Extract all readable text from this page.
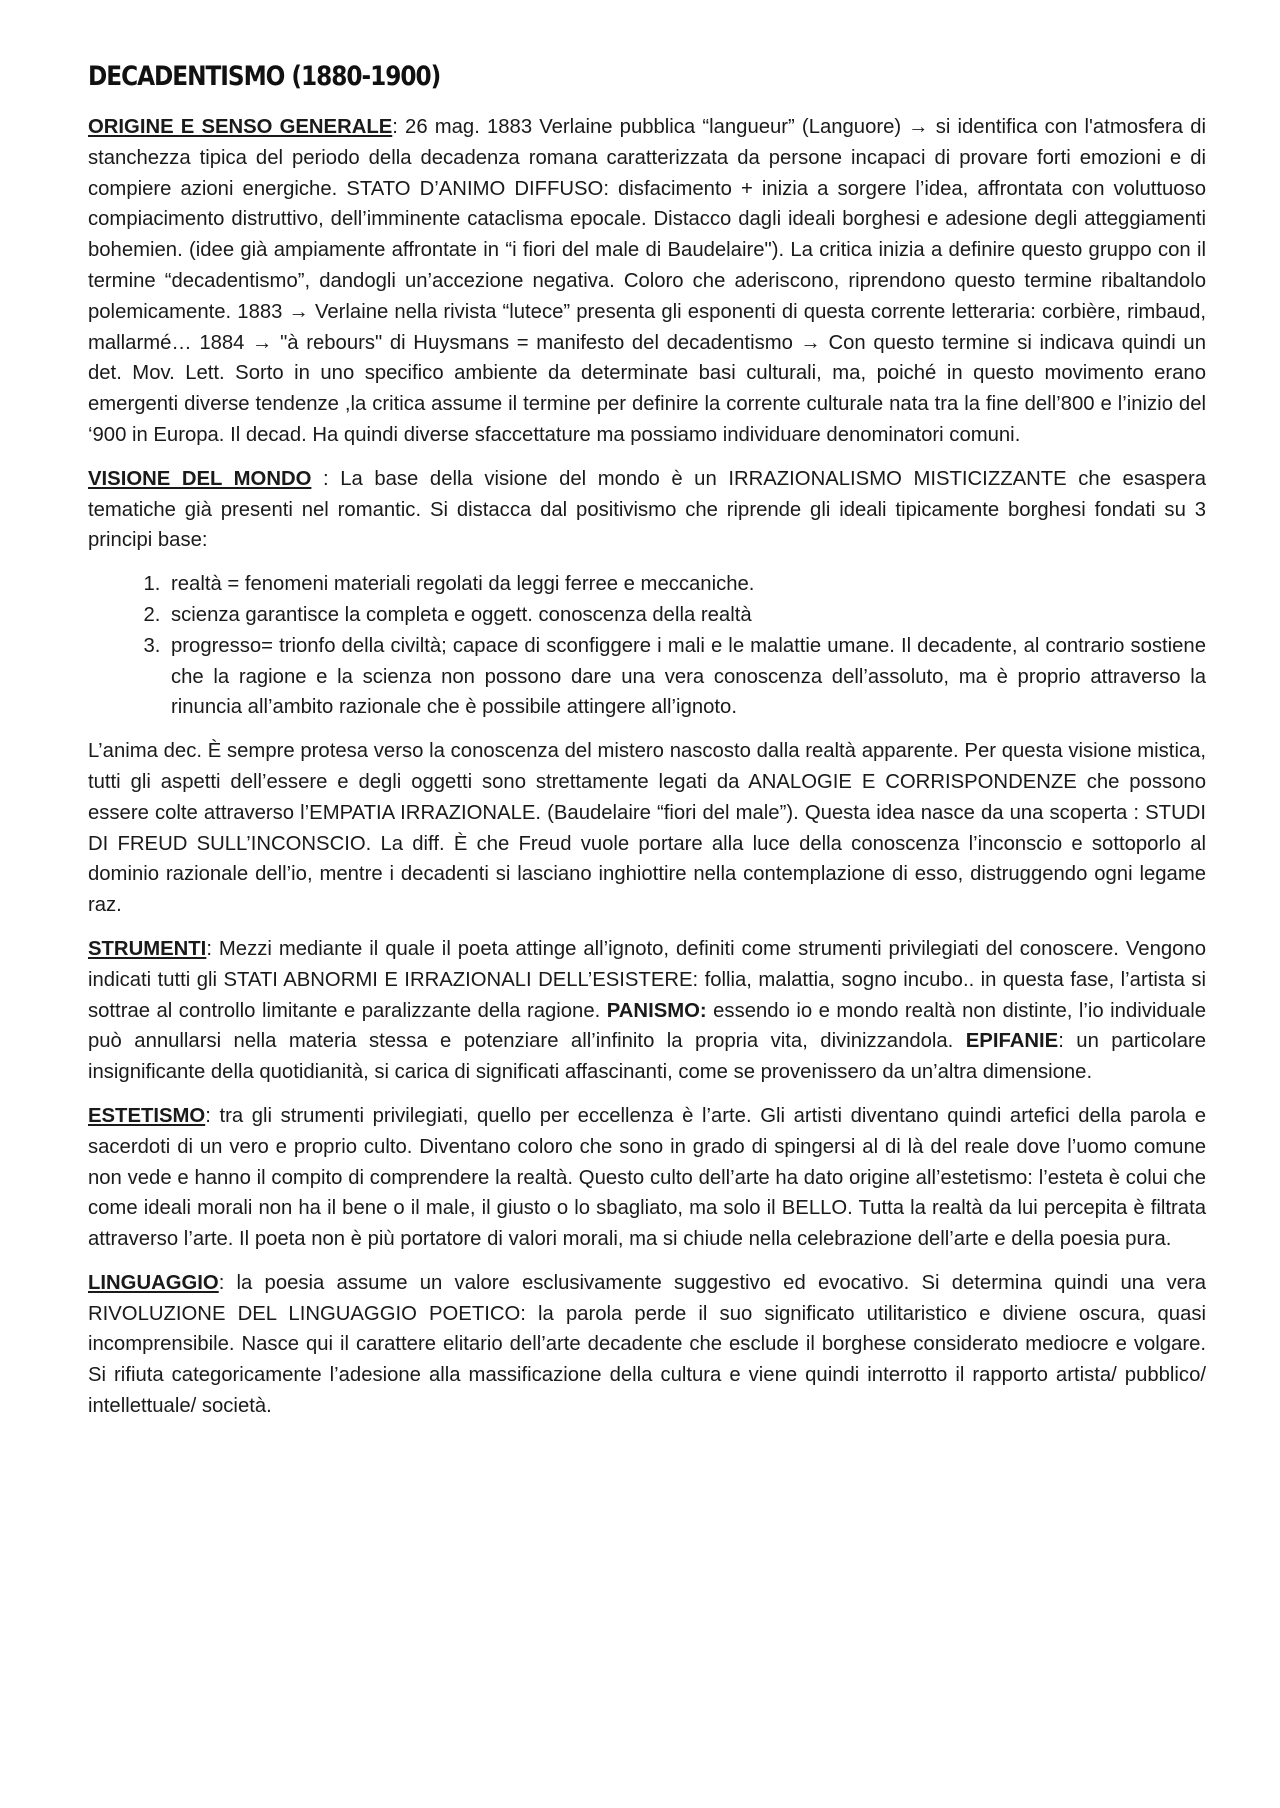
DECADENTISMO (1880-1900)

ORIGINE E SENSO GENERALE: 26 mag. 1883 Verlaine pubblica “langueur” (Languore) → si identifica con l'atmosfera di stanchezza tipica del periodo della decadenza romana caratterizzata da persone incapaci di provare forti emozioni e di compiere azioni energiche. STATO D’ANIMO DIFFUSO: disfacimento + inizia a sorgere l’idea, affrontata con voluttuoso compiacimento distruttivo, dell’imminente cataclisma epocale. Distacco dagli ideali borghesi e adesione degli atteggiamenti bohemien. (idee già ampiamente affrontate in “i fiori del male di Baudelaire"). La critica inizia a definire questo gruppo con il termine “decadentismo”, dandogli un’accezione negativa. Coloro che aderiscono, riprendono questo termine ribaltandolo polemicamente. 1883 → Verlaine nella rivista “lutece” presenta gli esponenti di questa corrente letteraria: corbière, rimbaud, mallarmé… 1884 → "à rebours" di Huysmans = manifesto del decadentismo → Con questo termine si indicava quindi un det. Mov. Lett. Sorto in uno specifico ambiente da determinate basi culturali, ma, poiché in questo movimento erano emergenti diverse tendenze ,la critica assume il termine per definire la corrente culturale nata tra la fine dell’800 e l’inizio del ‘900 in Europa. Il decad. Ha quindi diverse sfaccettature ma possiamo individuare denominatori comuni.

VISIONE DEL MONDO : La base della visione del mondo è un IRRAZIONALISMO MISTICIZZANTE che esaspera tematiche già presenti nel romantic. Si distacca dal positivismo che riprende gli ideali tipicamente borghesi fondati su 3 principi base:

1. realtà = fenomeni materiali regolati da leggi ferree e meccaniche.
2. scienza garantisce la completa e oggett. conoscenza della realtà
3. progresso= trionfo della civiltà; capace di sconfiggere i mali e le malattie umane. Il decadente, al contrario sostiene che la ragione e la scienza non possono dare una vera conoscenza dell’assoluto, ma è proprio attraverso la rinuncia all’ambito razionale che è possibile attingere all’ignoto.

L’anima dec. È sempre protesa verso la conoscenza del mistero nascosto dalla realtà apparente. Per questa visione mistica, tutti gli aspetti dell’essere e degli oggetti sono strettamente legati da ANALOGIE E CORRISPONDENZE che possono essere colte attraverso l’EMPATIA IRRAZIONALE. (Baudelaire “fiori del male”). Questa idea nasce da una scoperta : STUDI DI FREUD SULL’INCONSCIO. La diff. È che Freud vuole portare alla luce della conoscenza l’inconscio e sottoporlo al dominio razionale dell’io, mentre i decadenti si lasciano inghiottire nella contemplazione di esso, distruggendo ogni legame raz.

STRUMENTI: Mezzi mediante il quale il poeta attinge all’ignoto, definiti come strumenti privilegiati del conoscere. Vengono indicati tutti gli STATI ABNORMI E IRRAZIONALI DELL’ESISTERE: follia, malattia, sogno incubo.. in questa fase, l’artista si sottrae al controllo limitante e paralizzante della ragione. PANISMO: essendo io e mondo realtà non distinte, l’io individuale può annullarsi nella materia stessa e potenziare all’infinito la propria vita, divinizzandola. EPIFANIE: un particolare insignificante della quotidianità, si carica di significati affascinanti, come se provenissero da un’altra dimensione.

ESTETISMO: tra gli strumenti privilegiati, quello per eccellenza è l’arte. Gli artisti diventano quindi artefici della parola e sacerdoti di un vero e proprio culto. Diventano coloro che sono in grado di spingersi al di là del reale dove l’uomo comune non vede e hanno il compito di comprendere la realtà. Questo culto dell’arte ha dato origine all’estetismo: l’esteta è colui che come ideali morali non ha il bene o il male, il giusto o lo sbagliato, ma solo il BELLO. Tutta la realtà da lui percepita è filtrata attraverso l’arte. Il poeta non è più portatore di valori morali, ma si chiude nella celebrazione dell’arte e della poesia pura.

LINGUAGGIO: la poesia assume un valore esclusivamente suggestivo ed evocativo. Si determina quindi una vera RIVOLUZIONE DEL LINGUAGGIO POETICO: la parola perde il suo significato utilitaristico e diviene oscura, quasi incomprensibile. Nasce qui il carattere elitario dell’arte decadente che esclude il borghese considerato mediocre e volgare. Si rifiuta categoricamente l’adesione alla massificazione della cultura e viene quindi interrotto il rapporto artista/ pubblico/ intellettuale/ società.
